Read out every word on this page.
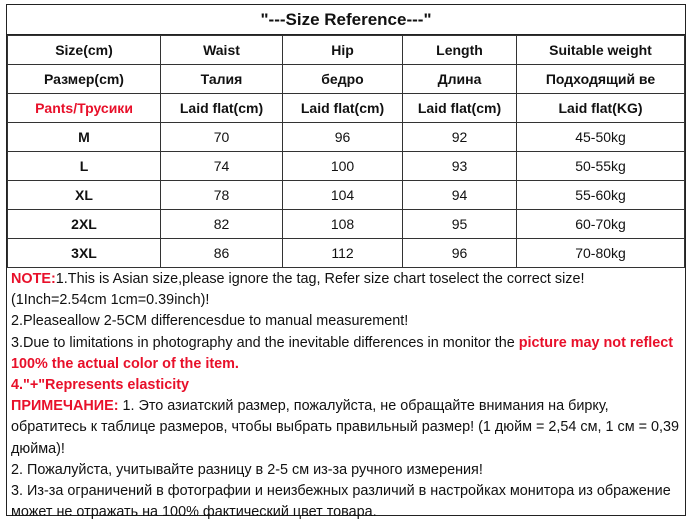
"---Size Reference---"
Size(cm)	Waist	Hip	Length	Suitable weight
Размер(cm)	Талия	бедро	Длина	Подходящий ве
Pants/Трусики	Laid flat(cm)	Laid flat(cm)	Laid flat(cm)	Laid flat(KG)
M	70	96	92	45-50kg
L	74	100	93	50-55kg
XL	78	104	94	55-60kg
2XL	82	108	95	60-70kg
3XL	86	112	96	70-80kg

NOTE:1.This is Asian size,please ignore the tag, Refer size chart toselect the correct size!(1Inch=2.54cm 1cm=0.39inch)!

2.Pleaseallow 2-5CM differencesdue to manual measurement!

3.Due to limitations in photography and the inevitable differences in monitor the picture may not reflect 100% the actual color of the item.

4."+"Represents elasticity

ПРИМЕЧАНИЕ: 1. Это азиатский размер, пожалуйста, не обращайте внимания на бирку, обратитесь к таблице размеров, чтобы выбрать правильный размер! (1 дюйм = 2,54 см, 1 см = 0,39 дюйма)!

2. Пожалуйста, учитывайте разницу в 2-5 см из-за ручного измерения!

3. Из-за ограничений в фотографии и неизбежных различий в настройках монитора из ображение может не отражать на 100% фактический цвет товара.
